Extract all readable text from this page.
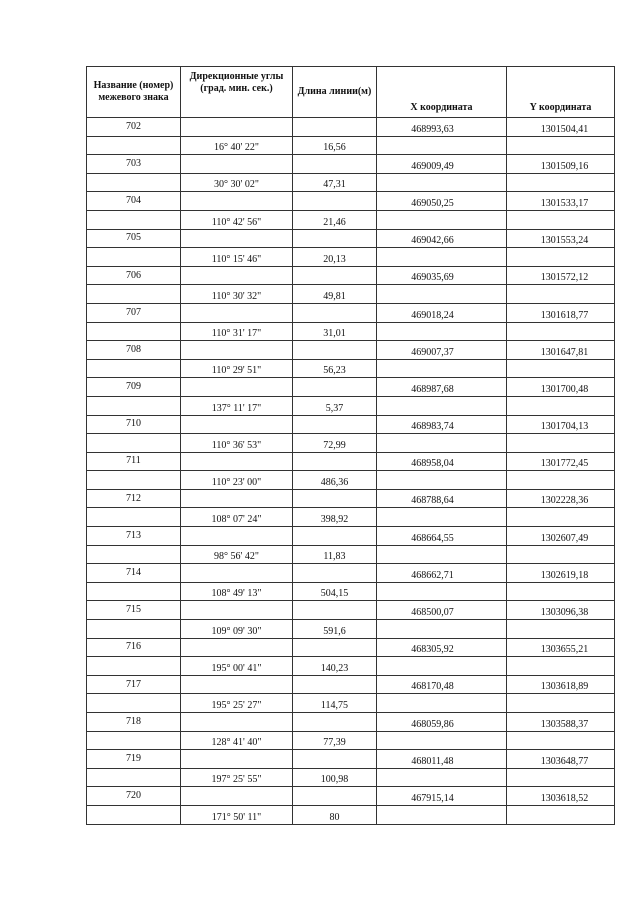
Название (номер) межевого знака	Дирекционные углы (град. мин. сек.)	Длина линии(м)	X координата	Y координата
702			468993,63	1301504,41
	16° 40' 22"	16,56		
703			469009,49	1301509,16
	30° 30' 02"	47,31		
704			469050,25	1301533,17
	110° 42' 56"	21,46		
705			469042,66	1301553,24
	110° 15' 46"	20,13		
706			469035,69	1301572,12
	110° 30' 32"	49,81		
707			469018,24	1301618,77
	110° 31' 17"	31,01		
708			469007,37	1301647,81
	110° 29' 51"	56,23		
709			468987,68	1301700,48
	137° 11' 17"	5,37		
710			468983,74	1301704,13
	110° 36' 53"	72,99		
711			468958,04	1301772,45
	110° 23' 00"	486,36		
712			468788,64	1302228,36
	108° 07' 24"	398,92		
713			468664,55	1302607,49
	98° 56' 42"	11,83		
714			468662,71	1302619,18
	108° 49' 13"	504,15		
715			468500,07	1303096,38
	109° 09' 30"	591,6		
716			468305,92	1303655,21
	195° 00' 41"	140,23		
717			468170,48	1303618,89
	195° 25' 27"	114,75		
718			468059,86	1303588,37
	128° 41' 40"	77,39		
719			468011,48	1303648,77
	197° 25' 55"	100,98		
720			467915,14	1303618,52
	171° 50' 11"	80		
